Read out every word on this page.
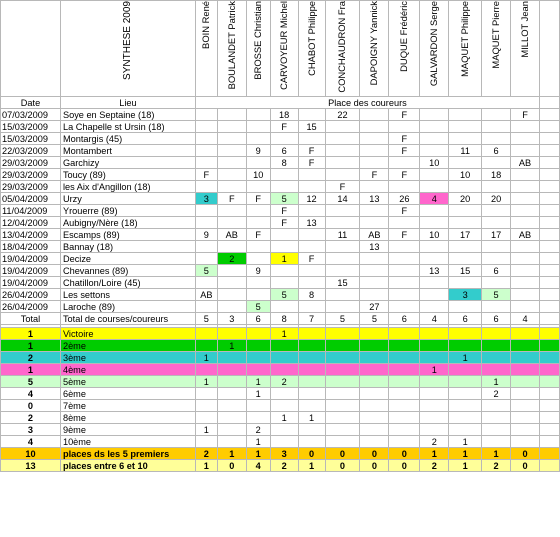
	SYNTHESE 2009	BOIN René	BOULANDET Patrick	BROSSE Christian	CARVOYEUR Michel	CHABOT Philippe	CONCHAUDRON Fra	DAPOIGNY Yannick	DUQUE Frédéric	GALVARDON Serge	MAQUET Philippe	MAQUET Pierre	MILLOT Jean	
Date	Lieu	Place des coureurs												
07/03/2009	Soye en Septaine (18)				18		22		F				F	
15/03/2009	La Chapelle st Ursin (18)				F	15								
15/03/2009	Montargis (45)								F					
22/03/2009	Montambert			9	6	F			F		11	6		
29/03/2009	Garchizy				8	F				10			AB	
29/03/2009	Toucy (89)	F		10				F	F		10	18		
29/03/2009	les Aix d'Angillon (18)						F							
05/04/2009	Urzy	3	F	F	5	12	14	13	26	4	20	20		
11/04/2009	Yrouerre (89)				F				F					
12/04/2009	Aubigny/Nère (18)				F	13								
13/04/2009	Escamps (89)	9	AB	F			11	AB	F	10	17	17	AB	
18/04/2009	Bannay (18)							13						
19/04/2009	Decize		2		1	F								
19/04/2009	Chevannes (89)	5		9						13	15	6		
19/04/2009	Chatillon/Loire (45)						15							
26/04/2009	Les settons	AB			5	8					3	5		
26/04/2009	Laroche (89)			5				27						
Total	Total de courses/coureurs	5	3	6	8	7	5	5	6	4	6	6	4	

1	Victoire				1									
1	2ème		1											
2	3ème	1									1			
1	4ème									1				
5	5ème	1		1	2							1		
4	6ème			1								2		
0	7ème													
2	8ème				1	1								
3	9ème	1		2										
4	10ème			1						2	1			
10	places ds les 5 premiers	2	1	1	3	0	0	0	0	1	1	1	0	
13	places entre 6 et 10	1	0	4	2	1	0	0	0	2	1	2	0	
